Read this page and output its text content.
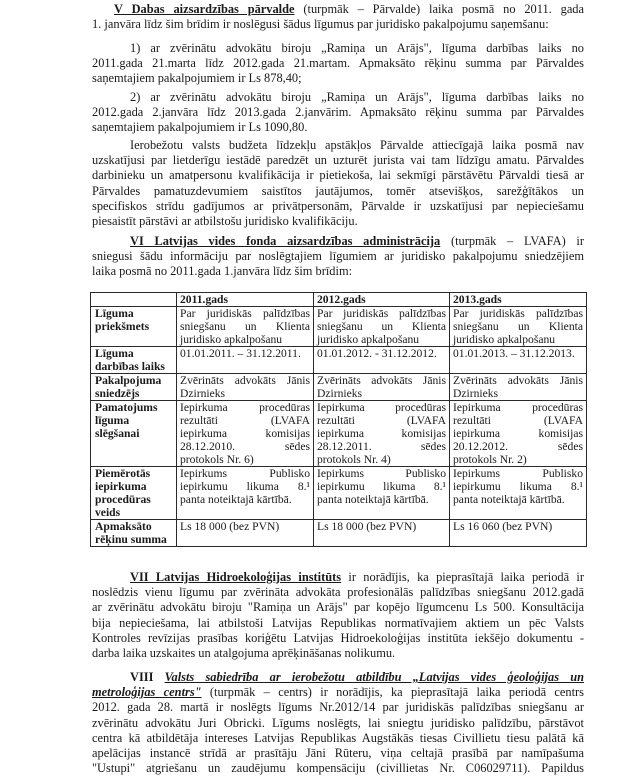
V Dabas aizsardzības pārvalde (turpmāk – Pārvalde) laika posmā no 2011. gada
1. janvāra līdz šim brīdim ir noslēgusi šādus līgumus par juridisko pakalpojumu saņemšanu:
1) ar zvērinātu advokātu biroju „Ramiņa un Arājs", līguma darbības laiks no
2011.gada 21.marta līdz 2012.gada 21.martam. Apmaksāto rēķinu summa par Pārvaldes
saņemtajiem pakalpojumiem ir Ls 878,40;
2) ar zvērinātu advokātu biroju „Ramiņa un Arājs", līguma darbības laiks no
2012.gada 2.janvāra līdz 2013.gada 2.janvārim. Apmaksāto rēķinu summa par Pārvaldes
saņemtajiem pakalpojumiem ir Ls 1090,80.
Ierobežotu valsts budžeta līdzekļu apstākļos Pārvalde attiecīgajā laika posmā nav
uzskatījusi par lietderīgu iestādē paredzēt un uzturēt jurista vai tam līdzīgu amatu. Pārvaldes
darbinieku un amatpersonu kvalifikācija ir pietiekoša, lai sekmīgi pārstāvētu Pārvaldi tiesā ar
Pārvaldes pamatuzdevumiem saistītos jautājumos, tomēr atsevišķos, sarežģītākos un
specifiskos strīdu gadījumos ar privātpersonām, Pārvalde ir uzskatījusi par nepieciešamu
piesaistīt pārstāvi ar atbilstošu juridisko kvalifikāciju.
VI Latvijas vides fonda aizsardzības administrācija (turpmāk – LVAFA) ir
sniegusi šādu informāciju par noslēgtajiem līgumiem ar juridisko pakalpojumu sniedzējiem
laika posmā no 2011.gada 1.janvāra līdz šim brīdim:
	2011.gads	2012.gads	2013.gads

Līguma
priekšmets	Par juridiskās palīdzības
sniegšanu un Klienta
juridisko apkalpošanu	Par juridiskās palīdzības
sniegšanu un Klienta
juridisko apkalpošanu	Par juridiskās palīdzības
sniegšanu un Klienta
juridisko apkalpošanu

Līguma
darbības laiks	01.01.2011. – 31.12.2011.	01.01.2012. - 31.12.2012.	01.01.2013. – 31.12.2013.

Pakalpojuma
sniedzējs	Zvērināts advokāts Jānis
Dzirnieks	Zvērināts advokāts Jānis
Dzirnieks	Zvērināts advokāts Jānis
Dzirnieks

Pamatojums
līguma
slēgšanai	Iepirkuma procedūras
rezultāti (LVAFA
iepirkuma komisijas
28.12.2010. sēdes
protokols Nr. 6)	Iepirkuma procedūras
rezultāti (LVAFA
iepirkuma komisijas
28.12.2011. sēdes
protokols Nr. 4)	Iepirkuma procedūras
rezultāti (LVAFA
iepirkuma komisijas
20.12.2012. sēdes
protokols Nr. 2)

Piemērotās
iepirkuma
procedūras
veids	Iepirkums Publisko
iepirkumu likuma 8.¹
panta noteiktajā kārtībā.	Iepirkums Publisko
iepirkumu likuma 8.¹
panta noteiktajā kārtībā.	Iepirkums Publisko
iepirkumu likuma 8.¹
panta noteiktajā kārtībā.

Apmaksāto
rēķinu summa	Ls 18 000 (bez PVN)	Ls 18 000 (bez PVN)	Ls 16 060 (bez PVN)
VII Latvijas Hidroekoloģijas institūts ir norādījis, ka pieprasītajā laika periodā ir
noslēdzis vienu līgumu par zvērināta advokāta profesionālās palīdzības sniegšanu 2012.gadā
ar zvērinātu advokātu biroju "Ramiņa un Arājs" par kopējo līgumcenu Ls 500. Konsultācija
bija nepieciešama, lai atbilstoši Latvijas Republikas normatīvajiem aktiem un pēc Valsts
Kontroles revīzijas prasības koriģētu Latvijas Hidroekoloģijas institūta iekšējo dokumentu -
darba laika uzskaites un atalgojuma aprēķināšanas nolikumu.
VIII Valsts sabiedrība ar ierobežotu atbildību „Latvijas vides ģeoloģijas un
metroloģijas centrs" (turpmāk – centrs) ir norādījis, ka pieprasītajā laika periodā centrs
2012. gada 28. martā ir noslēgts līgums Nr.2012/14 par juridiskās palīdzības sniegšanu ar
zvērinātu advokātu Juri Obricki. Līgums noslēgts, lai sniegtu juridisko palīdzību, pārstāvot
centra kā atbildētāja intereses Latvijas Republikas Augstākās tiesas Civillietu tiesu palātā kā
apelācijas instancē strīdā ar prasītāju Jāni Rūteru, viņa celtajā prasībā par namīpašuma
"Ustupi" atgriešanu un zaudējumu kompensāciju (civillietas Nr. C06029711). Papildus
